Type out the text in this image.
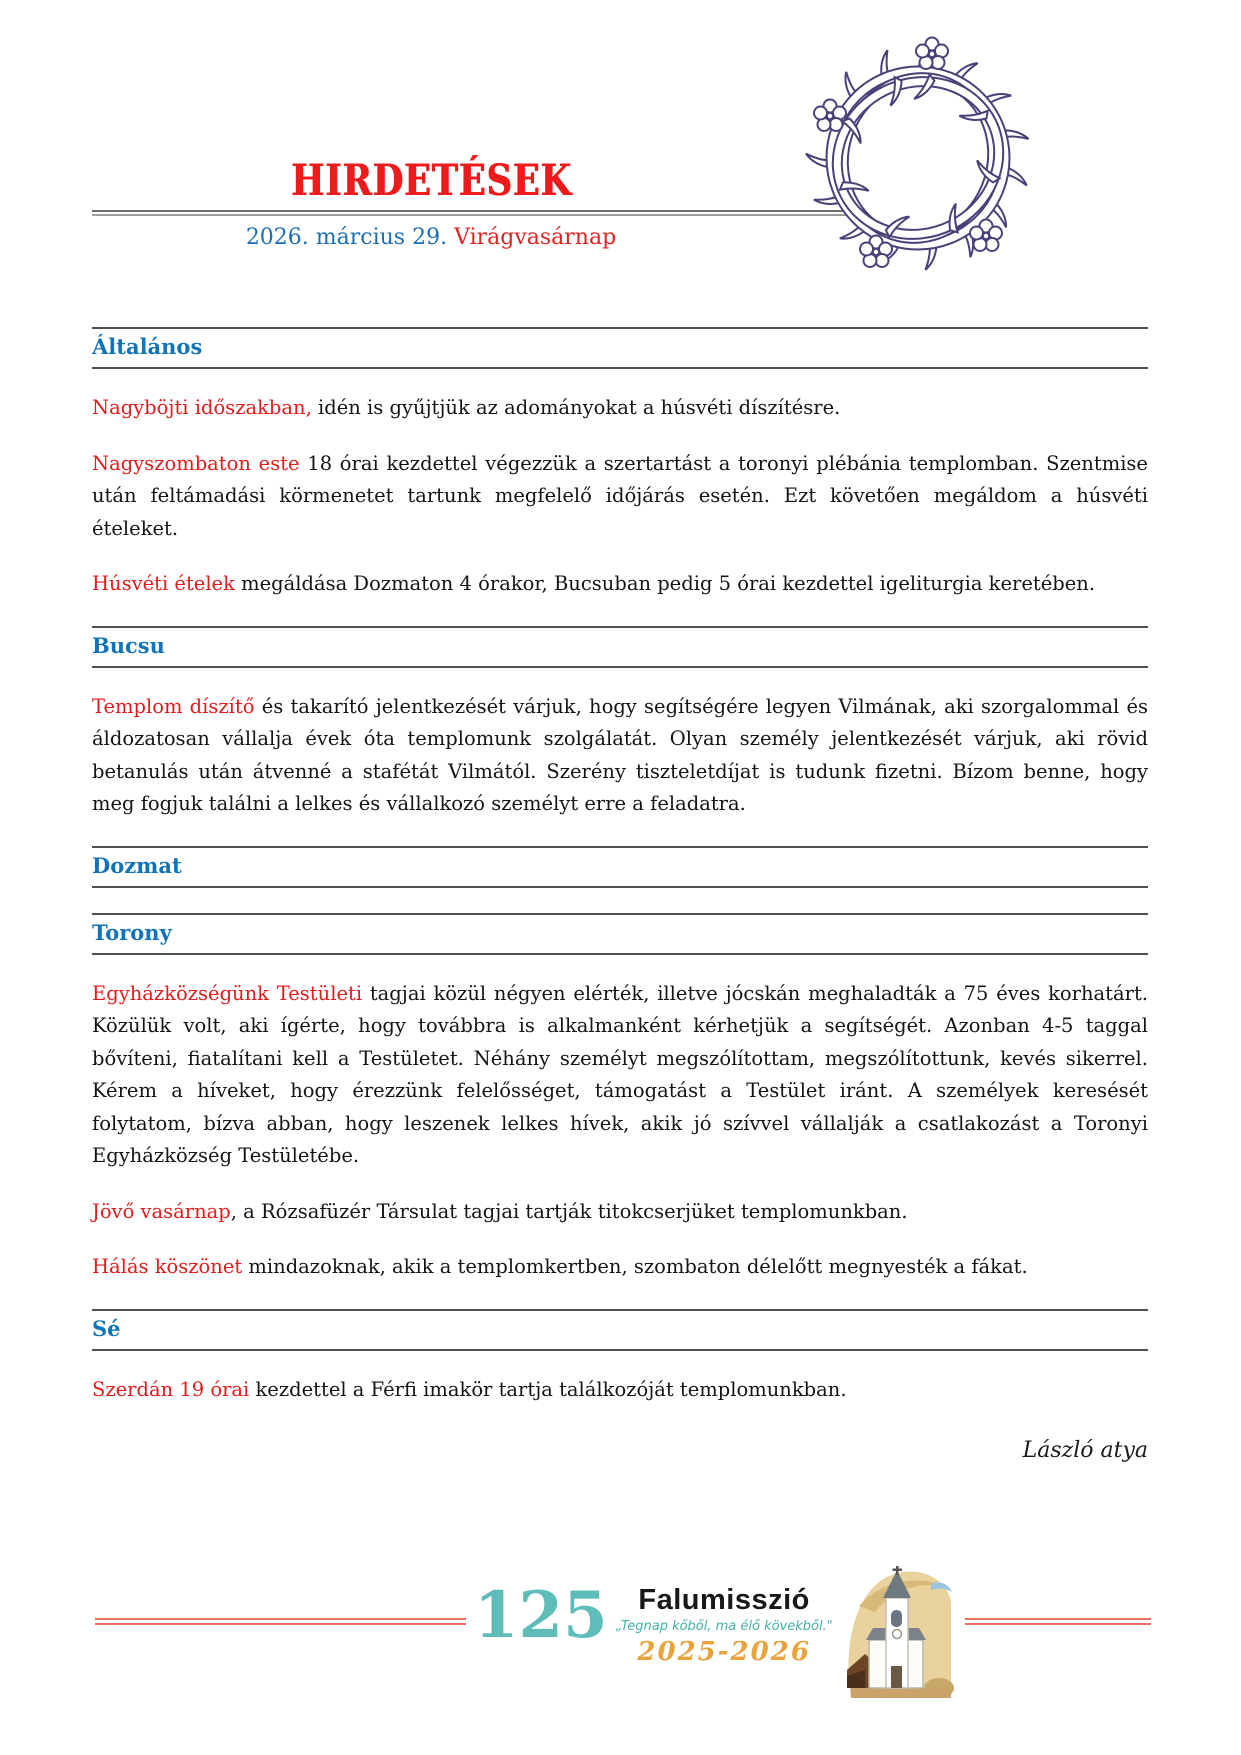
HIRDETÉSEK
2026. március 29. Virágvasárnap
Általános

Nagyböjti időszakban, idén is gyűjtjük az adományokat a húsvéti díszítésre.

Nagyszombaton este 18 órai kezdettel végezzük a szertartást a toronyi plébánia templomban. Szentmise után feltámadási körmenetet tartunk megfelelő időjárás esetén. Ezt követően megáldom a húsvéti ételeket.

Húsvéti ételek megáldása Dozmaton 4 órakor, Bucsuban pedig 5 órai kezdettel igeliturgia keretében.

Bucsu

Templom díszítő és takarító jelentkezését várjuk, hogy segítségére legyen Vilmának, aki szorgalommal és áldozatosan vállalja évek óta templomunk szolgálatát. Olyan személy jelentkezését várjuk, aki rövid betanulás után átvenné a stafétát Vilmától. Szerény tiszteletdíjat is tudunk fizetni. Bízom benne, hogy meg fogjuk találni a lelkes és vállalkozó személyt erre a feladatra.

Dozmat
Torony

Egyházközségünk Testületi tagjai közül négyen elérték, illetve jócskán meghaladták a 75 éves korhatárt. Közülük volt, aki ígérte, hogy továbbra is alkalmanként kérhetjük a segítségét. Azonban 4-5 taggal bővíteni, fiatalítani kell a Testületet. Néhány személyt megszólítottam, megszólítottunk, kevés sikerrel. Kérem a híveket, hogy érezzünk felelősséget, támogatást a Testület iránt. A személyek keresését folytatom, bízva abban, hogy leszenek lelkes hívek, akik jó szívvel vállalják a csatlakozást a Toronyi Egyházközség Testületébe.

Jövő vasárnap, a Rózsafüzér Társulat tagjai tartják titokcserjüket templomunkban.

Hálás köszönet mindazoknak, akik a templomkertben, szombaton délelőtt megnyesték a fákat.

Sé

Szerdán 19 órai kezdettel a Férfi imakör tartja találkozóját templomunkban.

László atya
125 Falumisszió
„Tegnap kőből, ma élő kövekből."
2025-2026
